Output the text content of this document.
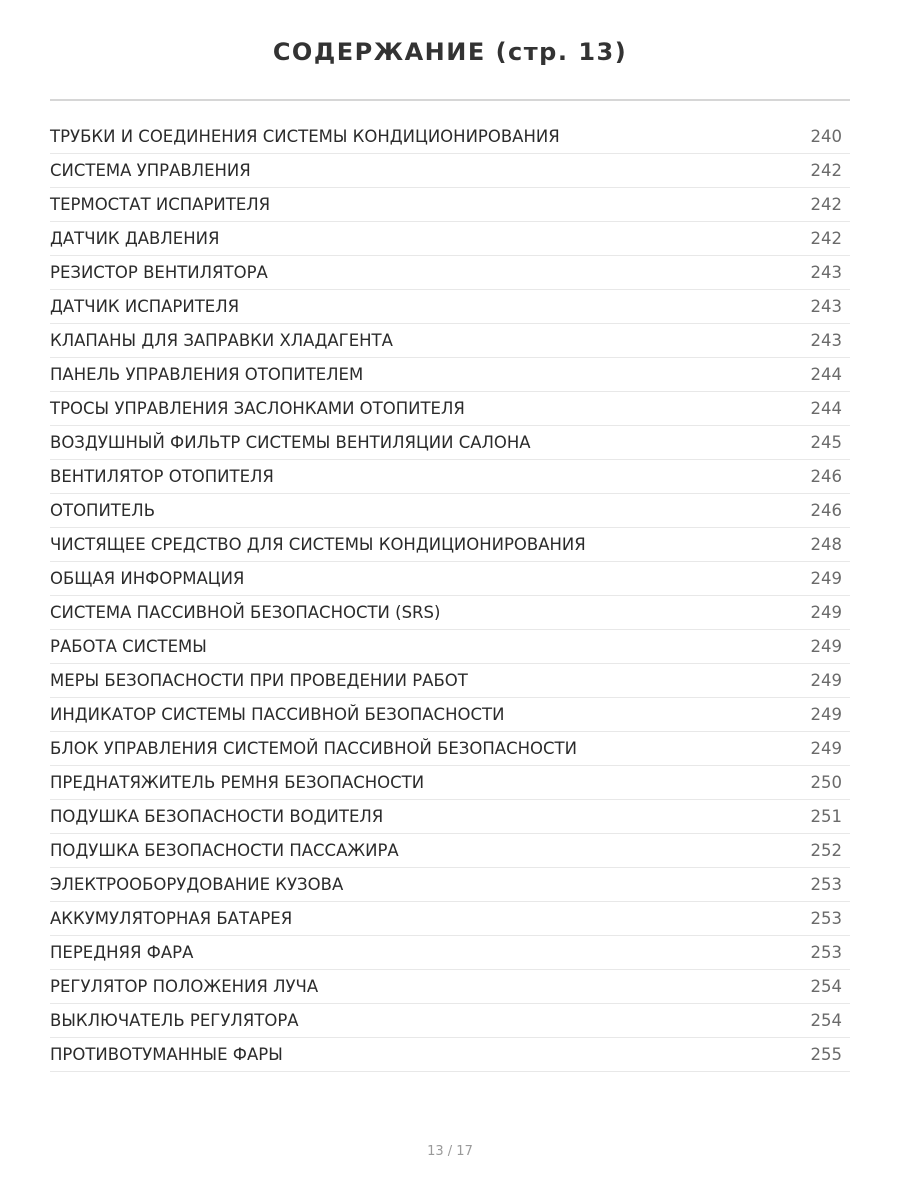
СОДЕРЖАНИЕ (стр. 13)
ТРУБКИ И СОЕДИНЕНИЯ СИСТЕМЫ КОНДИЦИОНИРОВАНИЯ	240
СИСТЕМА УПРАВЛЕНИЯ	242
ТЕРМОСТАТ ИСПАРИТЕЛЯ	242
ДАТЧИК ДАВЛЕНИЯ	242
РЕЗИСТОР ВЕНТИЛЯТОРА	243
ДАТЧИК ИСПАРИТЕЛЯ	243
КЛАПАНЫ ДЛЯ ЗАПРАВКИ ХЛАДАГЕНТА	243
ПАНЕЛЬ УПРАВЛЕНИЯ ОТОПИТЕЛЕМ	244
ТРОСЫ УПРАВЛЕНИЯ ЗАСЛОНКАМИ ОТОПИТЕЛЯ	244
ВОЗДУШНЫЙ ФИЛЬТР СИСТЕМЫ ВЕНТИЛЯЦИИ САЛОНА	245
ВЕНТИЛЯТОР ОТОПИТЕЛЯ	246
ОТОПИТЕЛЬ	246
ЧИСТЯЩЕЕ СРЕДСТВО ДЛЯ СИСТЕМЫ КОНДИЦИОНИРОВАНИЯ	248
ОБЩАЯ ИНФОРМАЦИЯ	249
СИСТЕМА ПАССИВНОЙ БЕЗОПАСНОСТИ (SRS)	249
РАБОТА СИСТЕМЫ	249
МЕРЫ БЕЗОПАСНОСТИ ПРИ ПРОВЕДЕНИИ РАБОТ	249
ИНДИКАТОР СИСТЕМЫ ПАССИВНОЙ БЕЗОПАСНОСТИ	249
БЛОК УПРАВЛЕНИЯ СИСТЕМОЙ ПАССИВНОЙ БЕЗОПАСНОСТИ	249
ПРЕДНАТЯЖИТЕЛЬ РЕМНЯ БЕЗОПАСНОСТИ	250
ПОДУШКА БЕЗОПАСНОСТИ ВОДИТЕЛЯ	251
ПОДУШКА БЕЗОПАСНОСТИ ПАССАЖИРА	252
ЭЛЕКТРООБОРУДОВАНИЕ КУЗОВА	253
АККУМУЛЯТОРНАЯ БАТАРЕЯ	253
ПЕРЕДНЯЯ ФАРА	253
РЕГУЛЯТОР ПОЛОЖЕНИЯ ЛУЧА	254
ВЫКЛЮЧАТЕЛЬ РЕГУЛЯТОРА	254
ПРОТИВОТУМАННЫЕ ФАРЫ	255
13 / 17
